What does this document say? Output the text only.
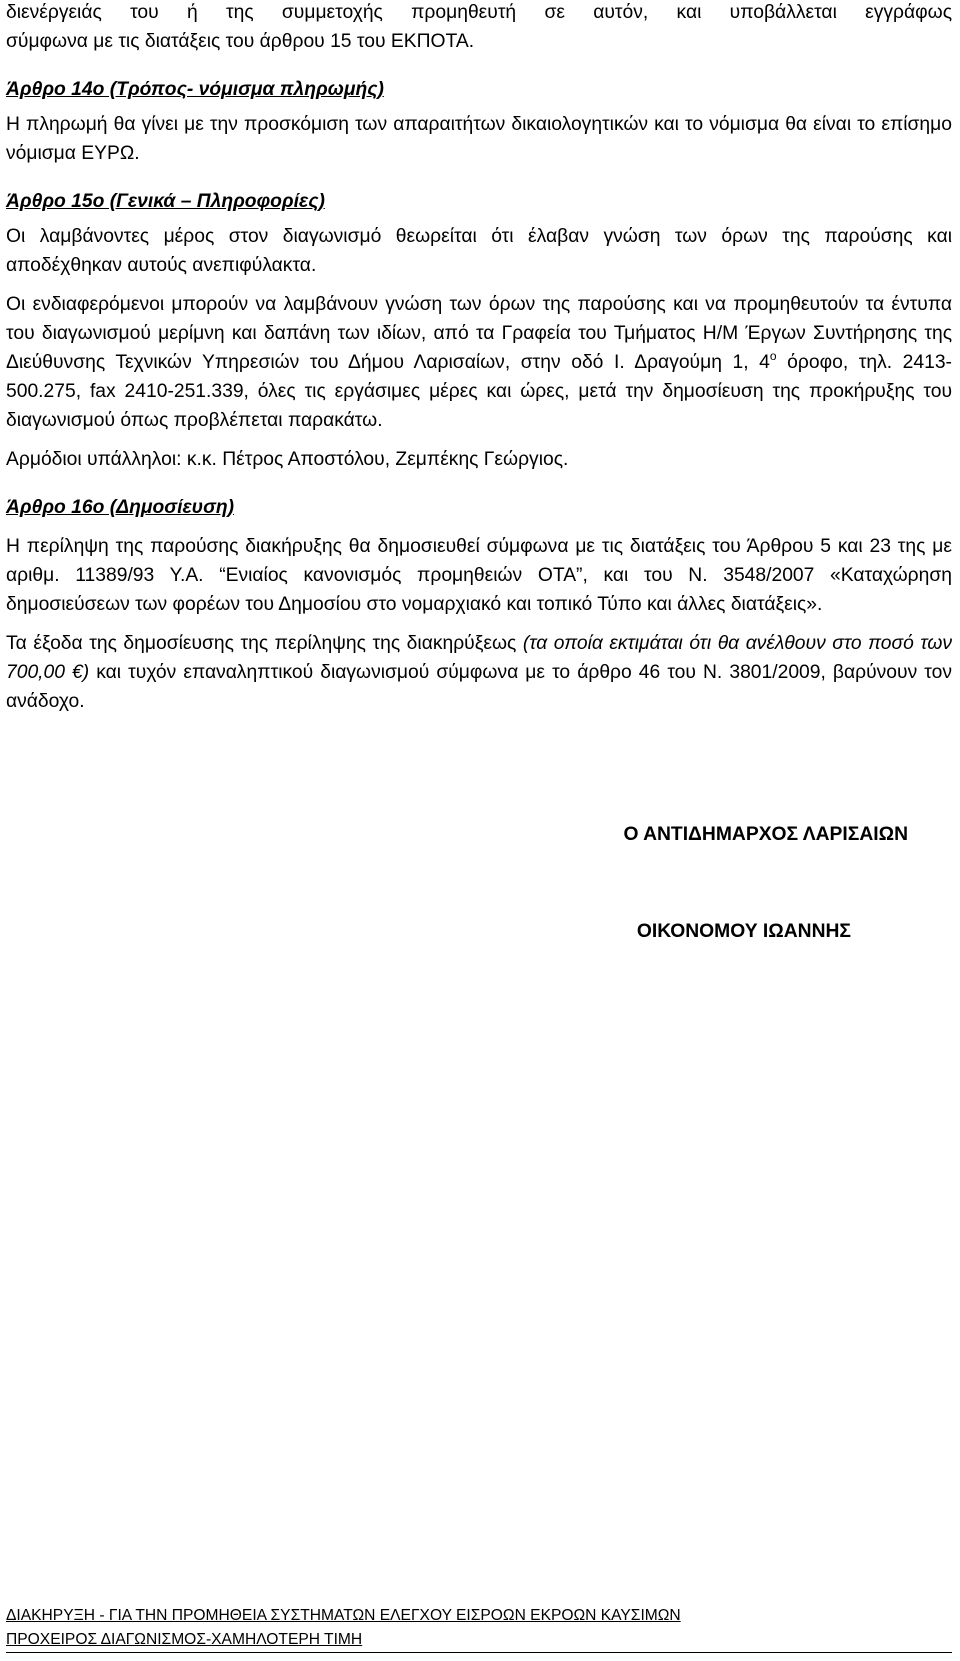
διενέργειάς του ή της συμμετοχής προμηθευτή σε αυτόν, και υποβάλλεται εγγράφως

σύμφωνα με τις διατάξεις του άρθρου 15 του ΕΚΠΟΤΑ.

Άρθρο 14ο (Τρόπος- νόμισμα πληρωμής)

Η πληρωμή θα γίνει με την προσκόμιση των απαραιτήτων δικαιολογητικών και το νόμισμα θα είναι το επίσημο νόμισμα ΕΥΡΩ.

Άρθρο 15ο (Γενικά – Πληροφορίες)

Οι λαμβάνοντες μέρος στον διαγωνισμό θεωρείται ότι έλαβαν γνώση των όρων της παρούσης και αποδέχθηκαν αυτούς ανεπιφύλακτα.

Οι ενδιαφερόμενοι μπορούν να λαμβάνουν γνώση των όρων της παρούσης και να προμηθευτούν τα έντυπα του διαγωνισμού μερίμνη και δαπάνη των ιδίων, από τα Γραφεία του Τμήματος Η/Μ Έργων Συντήρησης της Διεύθυνσης Τεχνικών Υπηρεσιών του Δήμου Λαρισαίων, στην οδό Ι. Δραγούμη 1, $4^o$ όροφο, τηλ. 2413-500.275, fax 2410-251.339, όλες τις εργάσιμες μέρες και ώρες, μετά την δημοσίευση της προκήρυξης του διαγωνισμού όπως προβλέπεται παρακάτω.

Αρμόδιοι υπάλληλοι: κ.κ. Πέτρος Αποστόλου, Ζεμπέκης Γεώργιος.

Άρθρο 16ο (Δημοσίευση)

Η περίληψη της παρούσης διακήρυξης θα δημοσιευθεί σύμφωνα με τις διατάξεις του Άρθρου 5 και 23 της με αριθμ. 11389/93 Υ.Α. “Ενιαίος κανονισμός προμηθειών ΟΤΑ”, και του Ν. 3548/2007 «Καταχώρηση δημοσιεύσεων των φορέων του Δημοσίου στο νομαρχιακό και τοπικό Τύπο και άλλες διατάξεις».

Τα έξοδα της δημοσίευσης της περίληψης της διακηρύξεως (τα οποία εκτιμάται ότι θα ανέλθουν στο ποσό των 700,00 €) και τυχόν επαναληπτικού διαγωνισμού σύμφωνα με το άρθρο 46 του Ν. 3801/2009, βαρύνουν τον ανάδοχο.

Ο ΑΝΤΙΔΗΜΑΡΧΟΣ ΛΑΡΙΣΑΙΩΝ

ΟΙΚΟΝΟΜΟΥ ΙΩΑΝΝΗΣ

ΔΙΑΚΗΡΥΞΗ - ΓΙΑ ΤΗΝ ΠΡΟΜΗΘΕΙΑ ΣΥΣΤΗΜΑΤΩΝ ΕΛΕΓΧΟΥ ΕΙΣΡΟΩΝ ΕΚΡΟΩΝ ΚΑΥΣΙΜΩΝ
ΠΡΟΧΕΙΡΟΣ ΔΙΑΓΩΝΙΣΜΟΣ-ΧΑΜΗΛΟΤΕΡΗ ΤΙΜΗ
